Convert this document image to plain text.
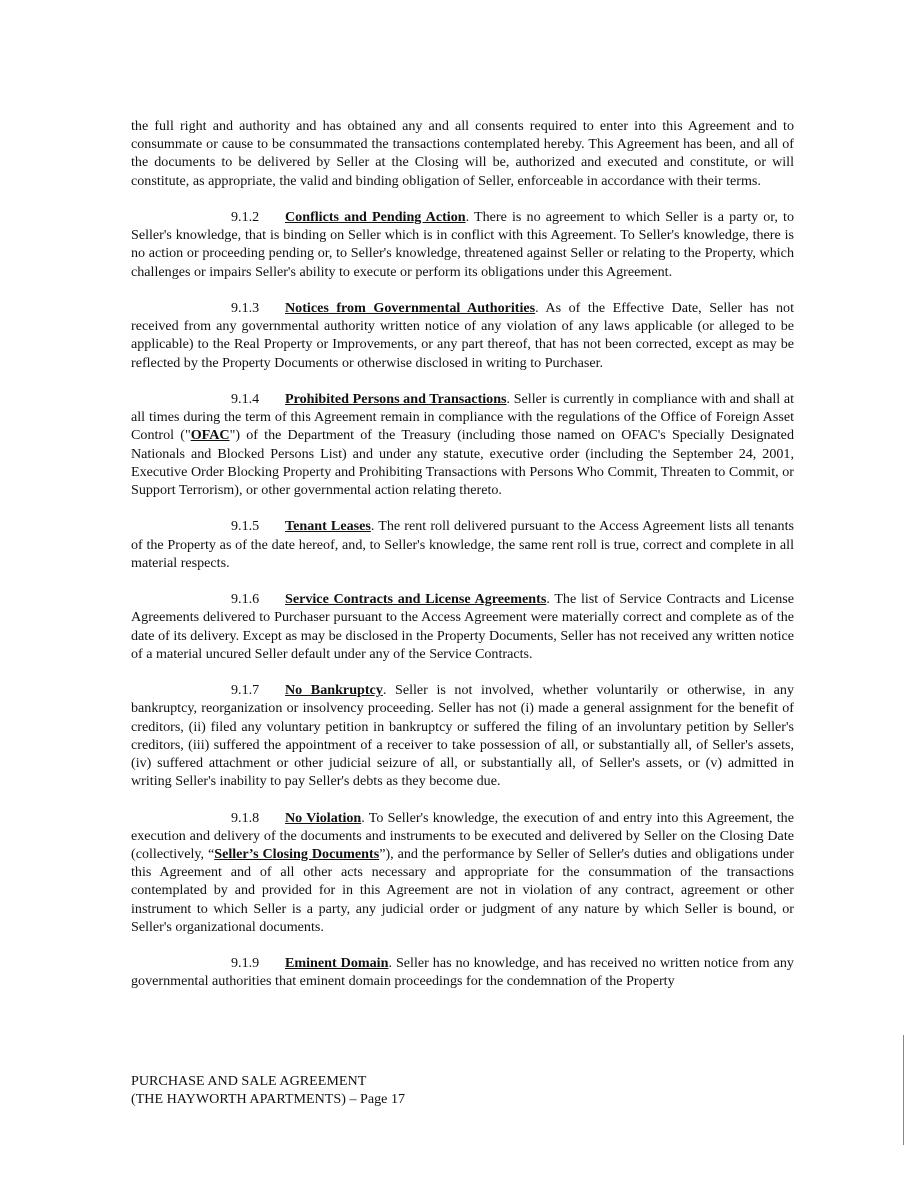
the full right and authority and has obtained any and all consents required to enter into this Agreement and to consummate or cause to be consummated the transactions contemplated hereby. This Agreement has been, and all of the documents to be delivered by Seller at the Closing will be, authorized and executed and constitute, or will constitute, as appropriate, the valid and binding obligation of Seller, enforceable in accordance with their terms.

9.1.2 Conflicts and Pending Action. There is no agreement to which Seller is a party or, to Seller's knowledge, that is binding on Seller which is in conflict with this Agreement. To Seller's knowledge, there is no action or proceeding pending or, to Seller's knowledge, threatened against Seller or relating to the Property, which challenges or impairs Seller's ability to execute or perform its obligations under this Agreement.

9.1.3 Notices from Governmental Authorities. As of the Effective Date, Seller has not received from any governmental authority written notice of any violation of any laws applicable (or alleged to be applicable) to the Real Property or Improvements, or any part thereof, that has not been corrected, except as may be reflected by the Property Documents or otherwise disclosed in writing to Purchaser.

9.1.4 Prohibited Persons and Transactions. Seller is currently in compliance with and shall at all times during the term of this Agreement remain in compliance with the regulations of the Office of Foreign Asset Control ("OFAC") of the Department of the Treasury (including those named on OFAC's Specially Designated Nationals and Blocked Persons List) and under any statute, executive order (including the September 24, 2001, Executive Order Blocking Property and Prohibiting Transactions with Persons Who Commit, Threaten to Commit, or Support Terrorism), or other governmental action relating thereto.

9.1.5 Tenant Leases. The rent roll delivered pursuant to the Access Agreement lists all tenants of the Property as of the date hereof, and, to Seller's knowledge, the same rent roll is true, correct and complete in all material respects.

9.1.6 Service Contracts and License Agreements. The list of Service Contracts and License Agreements delivered to Purchaser pursuant to the Access Agreement were materially correct and complete as of the date of its delivery. Except as may be disclosed in the Property Documents, Seller has not received any written notice of a material uncured Seller default under any of the Service Contracts.

9.1.7 No Bankruptcy. Seller is not involved, whether voluntarily or otherwise, in any bankruptcy, reorganization or insolvency proceeding. Seller has not (i) made a general assignment for the benefit of creditors, (ii) filed any voluntary petition in bankruptcy or suffered the filing of an involuntary petition by Seller's creditors, (iii) suffered the appointment of a receiver to take possession of all, or substantially all, of Seller's assets, (iv) suffered attachment or other judicial seizure of all, or substantially all, of Seller's assets, or (v) admitted in writing Seller's inability to pay Seller's debts as they become due.

9.1.8 No Violation. To Seller's knowledge, the execution of and entry into this Agreement, the execution and delivery of the documents and instruments to be executed and delivered by Seller on the Closing Date (collectively, “Seller’s Closing Documents”), and the performance by Seller of Seller's duties and obligations under this Agreement and of all other acts necessary and appropriate for the consummation of the transactions contemplated by and provided for in this Agreement are not in violation of any contract, agreement or other instrument to which Seller is a party, any judicial order or judgment of any nature by which Seller is bound, or Seller's organizational documents.

9.1.9 Eminent Domain. Seller has no knowledge, and has received no written notice from any governmental authorities that eminent domain proceedings for the condemnation of the Property

PURCHASE AND SALE AGREEMENT
(THE HAYWORTH APARTMENTS) – Page 17
